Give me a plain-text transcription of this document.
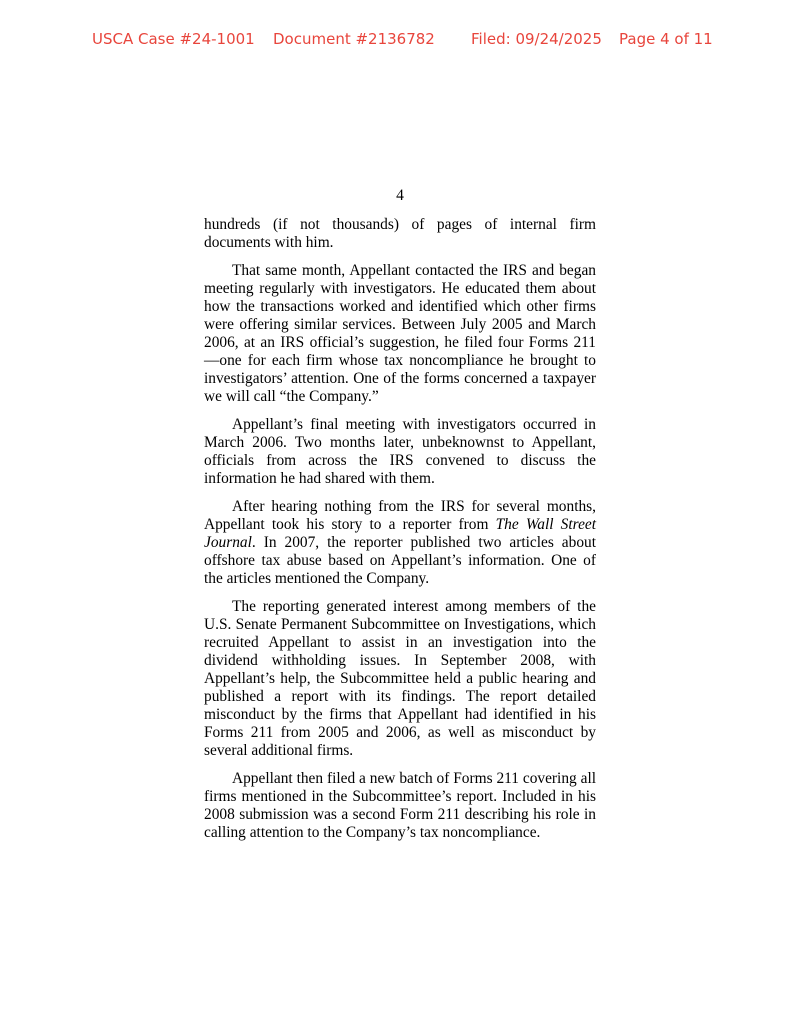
USCA Case #24-1001 Document #2136782 Filed: 09/24/2025 Page 4 of 11
4

hundreds (if not thousands) of pages of internal firm documents with him.

That same month, Appellant contacted the IRS and began meeting regularly with investigators. He educated them about how the transactions worked and identified which other firms were offering similar services. Between July 2005 and March 2006, at an IRS official’s suggestion, he filed four Forms 211—one for each firm whose tax noncompliance he brought to investigators’ attention. One of the forms concerned a taxpayer we will call “the Company.”

Appellant’s final meeting with investigators occurred in March 2006. Two months later, unbeknownst to Appellant, officials from across the IRS convened to discuss the information he had shared with them.

After hearing nothing from the IRS for several months, Appellant took his story to a reporter from The Wall Street Journal. In 2007, the reporter published two articles about offshore tax abuse based on Appellant’s information. One of the articles mentioned the Company.

The reporting generated interest among members of the U.S. Senate Permanent Subcommittee on Investigations, which recruited Appellant to assist in an investigation into the dividend withholding issues. In September 2008, with Appellant’s help, the Subcommittee held a public hearing and published a report with its findings. The report detailed misconduct by the firms that Appellant had identified in his Forms 211 from 2005 and 2006, as well as misconduct by several additional firms.

Appellant then filed a new batch of Forms 211 covering all firms mentioned in the Subcommittee’s report. Included in his 2008 submission was a second Form 211 describing his role in calling attention to the Company’s tax noncompliance.
